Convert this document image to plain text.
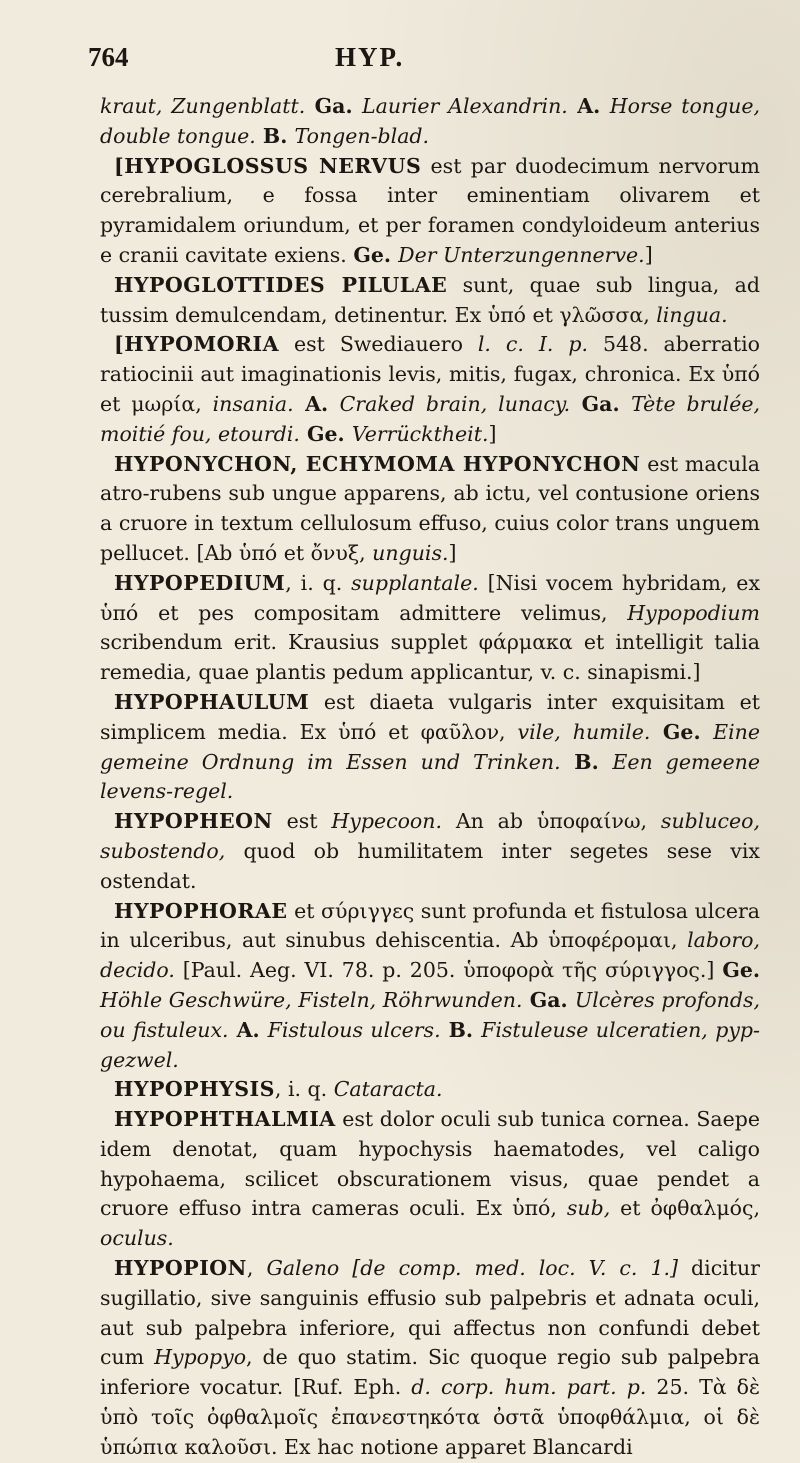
764	HYP.

kraut, Zungenblatt. Ga. Laurier Alexandrin. A. Horse tongue, double tongue. B. Tongen-blad.

[HYPOGLOSSUS NERVUS est par duodecimum nervorum cerebralium, e fossa inter eminentiam olivarem et pyramidalem oriundum, et per foramen condyloideum anterius e cranii cavitate exiens. Ge. Der Unterzungennerve.]

HYPOGLOTTIDES PILULAE sunt, quae sub lingua, ad tussim demulcendam, detinentur. Ex ὑπό et γλῶσσα, lingua.

[HYPOMORIA est Swediauero l. c. I. p. 548. aberratio ratiocinii aut imaginationis levis, mitis, fugax, chronica. Ex ὑπό et μωρία, insania. A. Craked brain, lunacy. Ga. Tète brulée, moitié fou, etourdi. Ge. Verrücktheit.]

HYPONYCHON, ECHYMOMA HYPONYCHON est macula atro-rubens sub ungue apparens, ab ictu, vel contusione oriens a cruore in textum cellulosum effuso, cuius color trans unguem pellucet. [Ab ὑπό et ὄνυξ, unguis.]

HYPOPEDIUM, i. q. supplantale. [Nisi vocem hybridam, ex ὑπό et pes compositam admittere velimus, Hypopodium scribendum erit. Krausius supplet φάρμακα et intelligit talia remedia, quae plantis pedum applicantur, v. c. sinapismi.]

HYPOPHAULUM est diaeta vulgaris inter exquisitam et simplicem media. Ex ὑπό et φαῦλον, vile, humile. Ge. Eine gemeine Ordnung im Essen und Trinken. B. Een gemeene levens-regel.

HYPOPHEON est Hypecoon. An ab ὑποφαίνω, subluceo, subostendo, quod ob humilitatem inter segetes sese vix ostendat.

HYPOPHORAE et σύριγγες sunt profunda et fistulosa ulcera in ulceribus, aut sinubus dehiscentia. Ab ὑποφέρομαι, laboro, decido. [Paul. Aeg. VI. 78. p. 205. ὑποφορὰ τῆς σύριγγος.] Ge. Höhle Geschwüre, Fisteln, Röhrwunden. Ga. Ulcères profonds, ou fistuleux. A. Fistulous ulcers. B. Fistuleuse ulceratien, pyp-gezwel.

HYPOPHYSIS, i. q. Cataracta.

HYPOPHTHALMIA est dolor oculi sub tunica cornea. Saepe idem denotat, quam hypochysis haematodes, vel caligo hypohaema, scilicet obscurationem visus, quae pendet a cruore effuso intra cameras oculi. Ex ὑπό, sub, et ὀφθαλμός, oculus.

HYPOPION, Galeno [de comp. med. loc. V. c. 1.] dicitur sugillatio, sive sanguinis effusio sub palpebris et adnata oculi, aut sub palpebra inferiore, qui affectus non confundi debet cum Hypopyo, de quo statim. Sic quoque regio sub palpebra inferiore vocatur. [Ruf. Eph. d. corp. hum. part. p. 25. Τὰ δὲ ὑπὸ τοῖς ὀφθαλμοῖς ἐπανεστηκότα ὀστᾶ ὑποφθάλμια, οἱ δὲ ὑπώπια καλοῦσι. Ex hac notione apparet Blancardi
